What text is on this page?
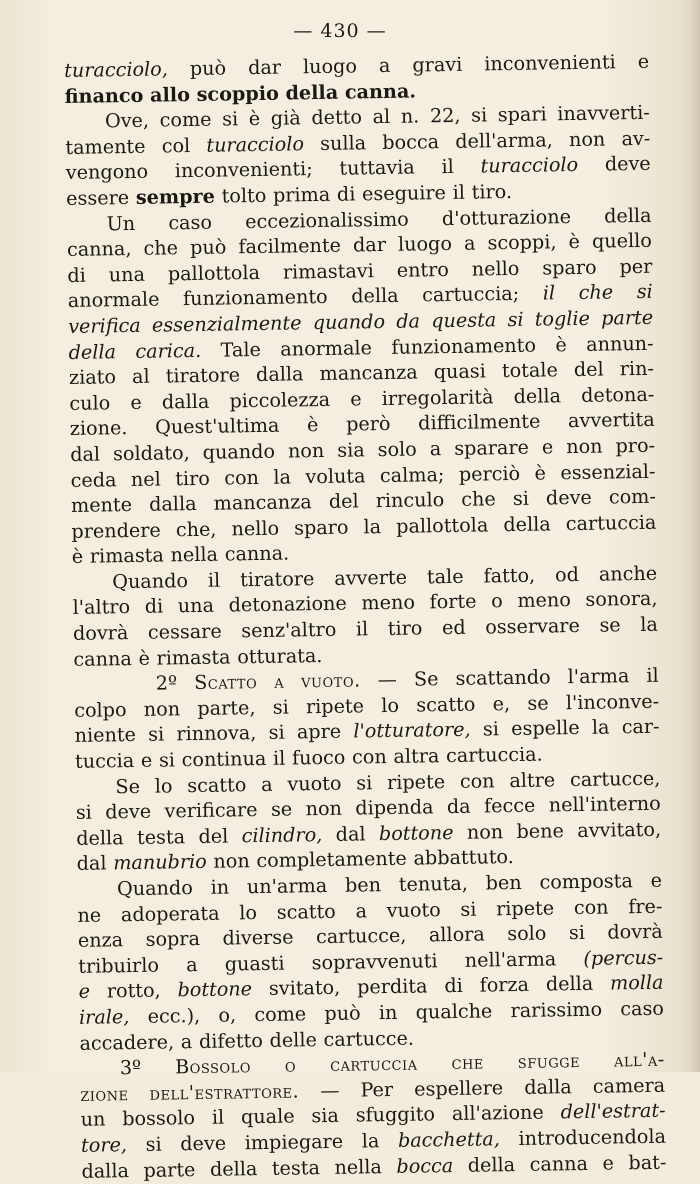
— 430 —
turacciolo, può dar luogo a gravi inconvenienti e
financo allo scoppio della canna.
Ove, come si è già detto al n. 22, si spari inavverti-
tamente col turacciolo sulla bocca dell'arma, non av-
vengono inconvenienti; tuttavia il turacciolo deve
essere sempre tolto prima di eseguire il tiro.
Un caso eccezionalissimo d'otturazione della
canna, che può facilmente dar luogo a scoppi, è quello
di una pallottola rimastavi entro nello sparo per
anormale funzionamento della cartuccia; il che si
verifica essenzialmente quando da questa si toglie parte
della carica. Tale anormale funzionamento è annun-
ziato al tiratore dalla mancanza quasi totale del rin-
culo e dalla piccolezza e irregolarità della detona-
zione. Quest'ultima è però difficilmente avvertita
dal soldato, quando non sia solo a sparare e non pro-
ceda nel tiro con la voluta calma; perciò è essenzial-
mente dalla mancanza del rinculo che si deve com-
prendere che, nello sparo la pallottola della cartuccia
è rimasta nella canna.
Quando il tiratore avverte tale fatto, od anche
l'altro di una detonazione meno forte o meno sonora,
dovrà cessare senz'altro il tiro ed osservare se la
canna è rimasta otturata.
2º Scatto a vuoto. — Se scattando l'arma il
colpo non parte, si ripete lo scatto e, se l'inconve-
niente si rinnova, si apre l'otturatore, si espelle la car-
tuccia e si continua il fuoco con altra cartuccia.
Se lo scatto a vuoto si ripete con altre cartucce,
si deve verificare se non dipenda da fecce nell'interno
della testa del cilindro, dal bottone non bene avvitato,
dal manubrio non completamente abbattuto.
Quando in un'arma ben tenuta, ben composta e
ne adoperata lo scatto a vuoto si ripete con fre-
enza sopra diverse cartucce, allora solo si dovrà
tribuirlo a guasti sopravvenuti nell'arma (percus-
e rotto, bottone svitato, perdita di forza della molla
irale, ecc.), o, come può in qualche rarissimo caso
accadere, a difetto delle cartucce.
3º Bossolo o cartuccia che sfugge all'a-
zione dell'estrattore. — Per espellere dalla camera
un bossolo il quale sia sfuggito all'azione dell'estrat-
tore, si deve impiegare la bacchetta, introducendola
dalla parte della testa nella bocca della canna e bat-
